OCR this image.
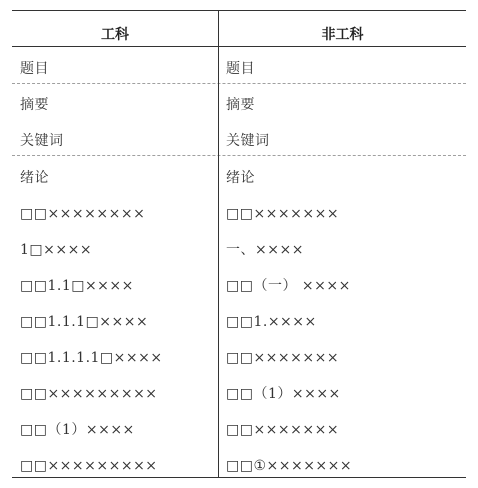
工科	非工科
题目
摘要
关键词
绪论
□□××××××××
1□××××
□□1.1□××××
□□1.1.1□××××
□□1.1.1.1□××××
□□×××××××××
□□（1）××××
□□×××××××××
题目
摘要
关键词
绪论
□□×××××××
一、××××
□□（一） ××××
□□1.××××
□□×××××××
□□（1）××××
□□×××××××
□□①×××××××
